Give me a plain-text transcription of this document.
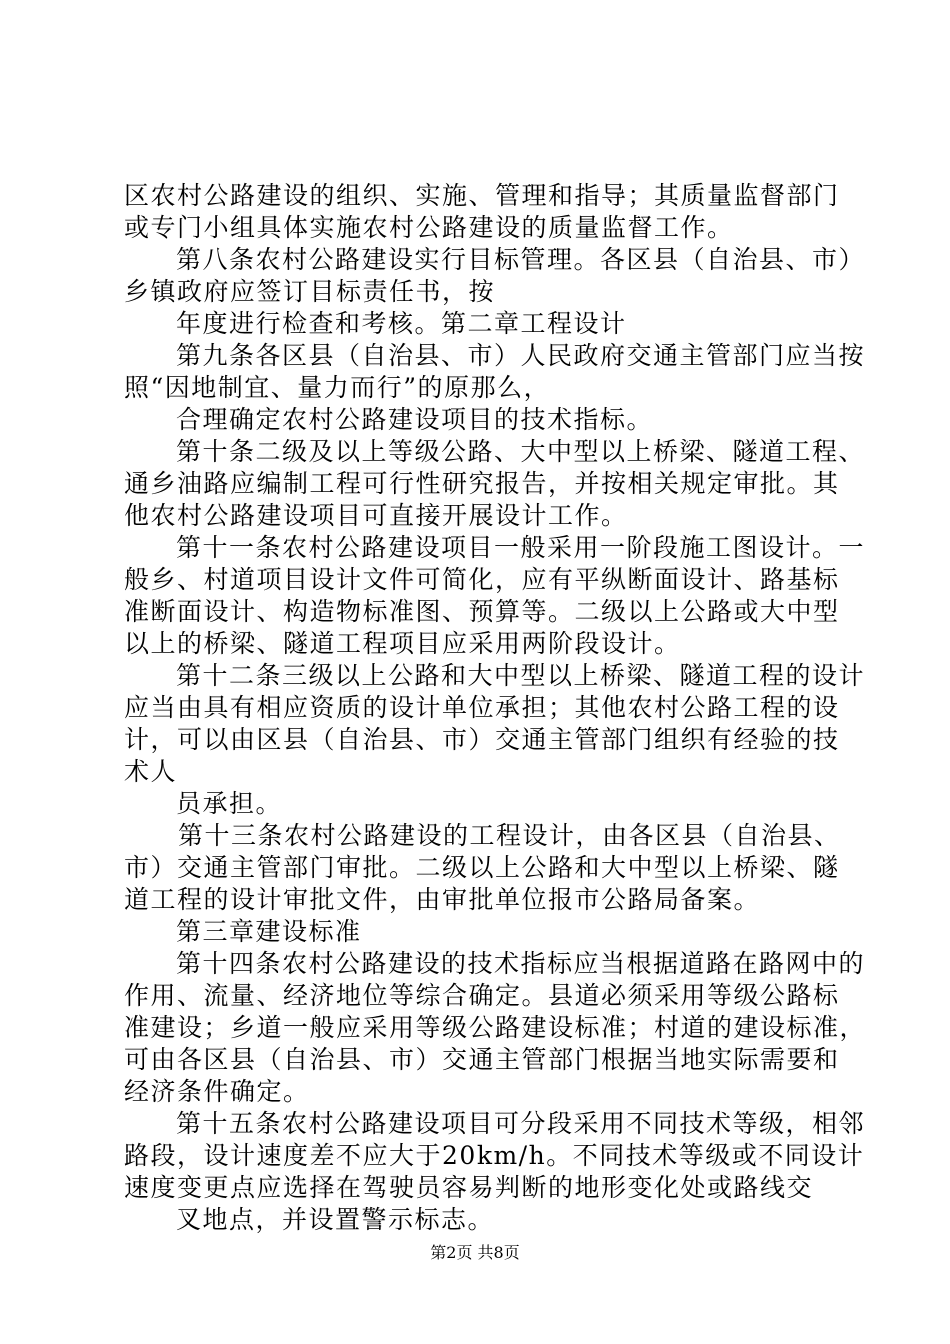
区农村公路建设的组织、实施、管理和指导；其质量监督部门
或专门小组具体实施农村公路建设的质量监督工作。
第八条农村公路建设实行目标管理。各区县（自治县、市）
乡镇政府应签订目标责任书，按
年度进行检查和考核。第二章工程设计
第九条各区县（自治县、市）人民政府交通主管部门应当按
照“因地制宜、量力而行”的原那么，
合理确定农村公路建设项目的技术指标。
第十条二级及以上等级公路、大中型以上桥梁、隧道工程、
通乡油路应编制工程可行性研究报告，并按相关规定审批。其
他农村公路建设项目可直接开展设计工作。
第十一条农村公路建设项目一般采用一阶段施工图设计。一
般乡、村道项目设计文件可简化，应有平纵断面设计、路基标
准断面设计、构造物标准图、预算等。二级以上公路或大中型
以上的桥梁、隧道工程项目应采用两阶段设计。
第十二条三级以上公路和大中型以上桥梁、隧道工程的设计
应当由具有相应资质的设计单位承担；其他农村公路工程的设
计，可以由区县（自治县、市）交通主管部门组织有经验的技
术人
员承担。
第十三条农村公路建设的工程设计，由各区县（自治县、
市）交通主管部门审批。二级以上公路和大中型以上桥梁、隧
道工程的设计审批文件，由审批单位报市公路局备案。
第三章建设标准
第十四条农村公路建设的技术指标应当根据道路在路网中的
作用、流量、经济地位等综合确定。县道必须采用等级公路标
准建设；乡道一般应采用等级公路建设标准；村道的建设标准，
可由各区县（自治县、市）交通主管部门根据当地实际需要和
经济条件确定。
第十五条农村公路建设项目可分段采用不同技术等级，相邻
路段，设计速度差不应大于20km/h。不同技术等级或不同设计
速度变更点应选择在驾驶员容易判断的地形变化处或路线交
叉地点，并设置警示标志。
第2页 共8页
